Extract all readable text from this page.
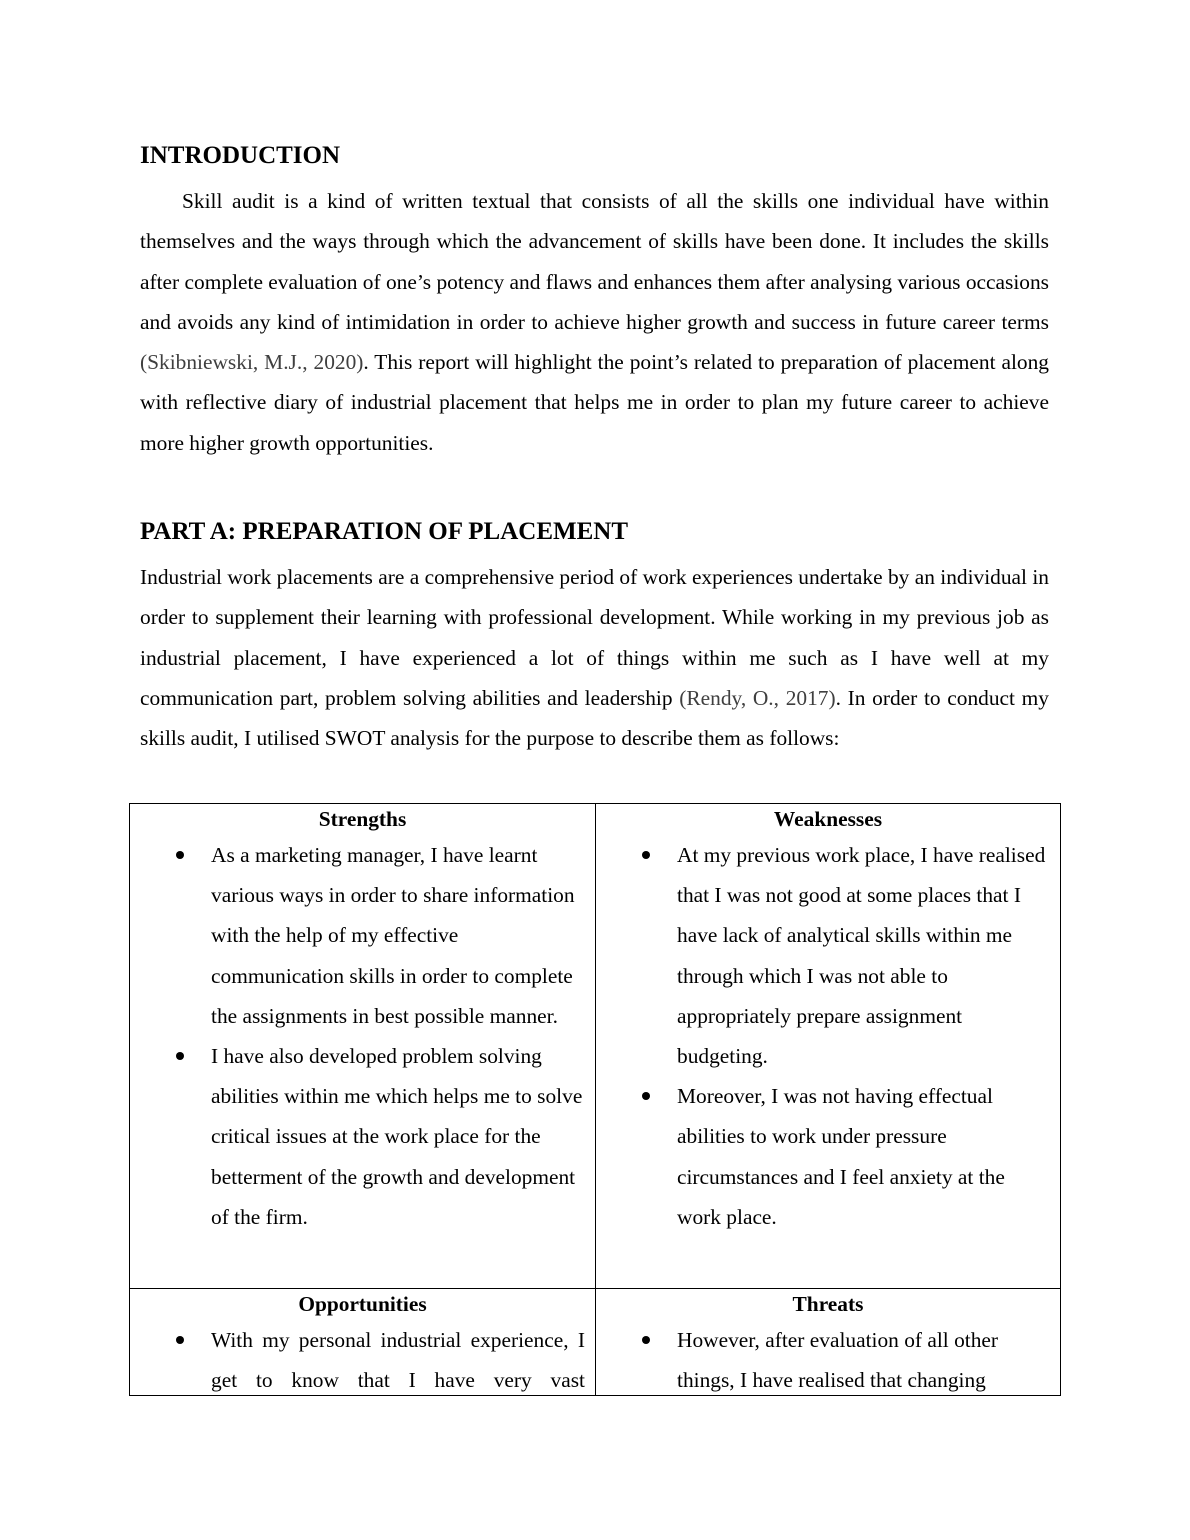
INTRODUCTION

Skill audit is a kind of written textual that consists of all the skills one individual have within themselves and the ways through which the advancement of skills have been done. It includes the skills after complete evaluation of one’s potency and flaws and enhances them after analysing various occasions and avoids any kind of intimidation in order to achieve higher growth and success in future career terms (Skibniewski, M.J., 2020). This report will highlight the point’s related to preparation of placement along with reflective diary of industrial placement that helps me in order to plan my future career to achieve more higher growth opportunities.

PART A: PREPARATION OF PLACEMENT

Industrial work placements are a comprehensive period of work experiences undertake by an individual in order to supplement their learning with professional development. While working in my previous job as industrial placement, I have experienced a lot of things within me such as I have well at my communication part, problem solving abilities and leadership (Rendy, O., 2017). In order to conduct my skills audit, I utilised SWOT analysis for the purpose to describe them as follows:

Strengths
As a marketing manager, I have learnt various ways in order to share information with the help of my effective communication skills in order to complete the assignments in best possible manner.
I have also developed problem solving abilities within me which helps me to solve critical issues at the work place for the betterment of the growth and development of the firm.
Weaknesses
At my previous work place, I have realised that I was not good at some places that I have lack of analytical skills within me through which I was not able to appropriately prepare assignment budgeting.
Moreover, I was not having effectual abilities to work under pressure circumstances and I feel anxiety at the work place.
Opportunities
With my personal industrial experience, I get to know that I have very vast
Threats
However, after evaluation of all other things, I have realised that changing
